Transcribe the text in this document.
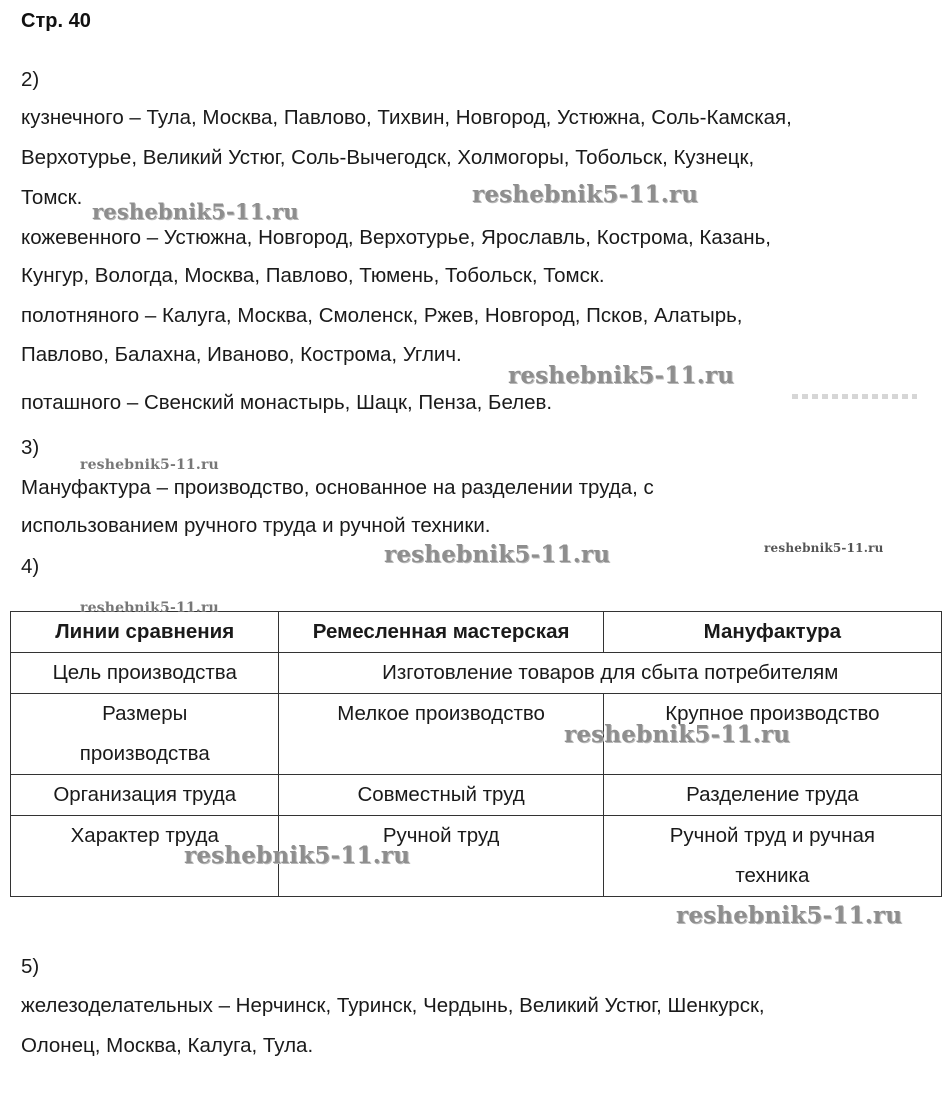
Стр. 40
2)
кузнечного – Тула, Москва, Павлово, Тихвин, Новгород, Устюжна, Соль-Камская,
Верхотурье, Великий Устюг, Соль-Вычегодск, Холмогоры, Тобольск, Кузнецк,
Томск.
кожевенного – Устюжна, Новгород, Верхотурье, Ярославль, Кострома, Казань,
Кунгур, Вологда, Москва, Павлово, Тюмень, Тобольск, Томск.
полотняного – Калуга, Москва, Смоленск, Ржев, Новгород, Псков, Алатырь,
Павлово, Балахна, Иваново, Кострома, Углич.
поташного – Свенский монастырь, Шацк, Пенза, Белев.
3)
Мануфактура – производство, основанное на разделении труда, с
использованием ручного труда и ручной техники.
4)
Линии сравнения	Ремесленная мастерская	Мануфактура
Цель производства	Изготовление товаров для сбыта потребителям	

Размеры
производства	Мелкое производство	Крупное производство
Организация труда	Совместный труд	Разделение труда
Характер труда	Ручной труд	Ручной труд и ручная
техника
5)
железоделательных – Нерчинск, Туринск, Чердынь, Великий Устюг, Шенкурск,
Олонец, Москва, Калуга, Тула.
reshebnik5-11.ru
reshebnik5-11.ru
reshebnik5-11.ru
reshebnik5-11.ru
reshebnik5-11.ru	reshebnik5-11.ru
reshebnik5-11.ru
reshebnik5-11.ru
reshebnik5-11.ru
reshebnik5-11.ru
